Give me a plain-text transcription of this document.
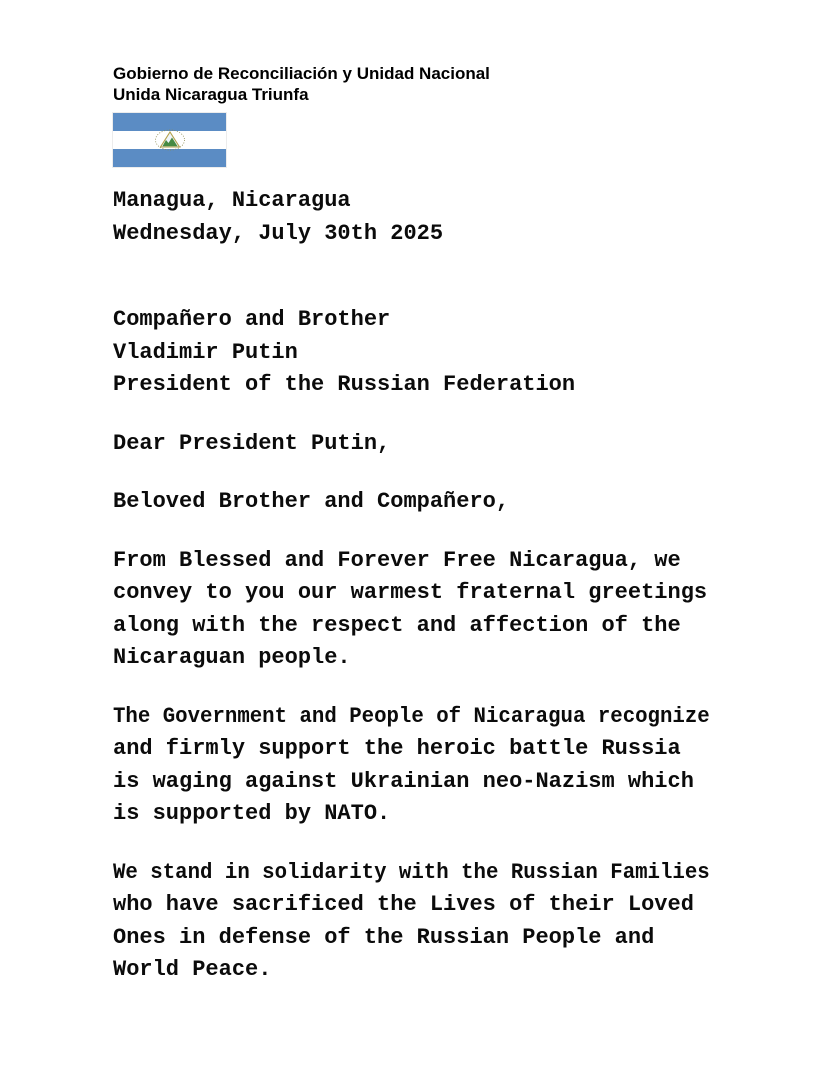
Gobierno de Reconciliación y Unidad Nacional
Unida Nicaragua Triunfa
Managua, Nicaragua
Wednesday, July 30th 2025
Compañero and Brother
Vladimir Putin
President of the Russian Federation
Dear President Putin,
Beloved Brother and Compañero,
From Blessed and Forever Free Nicaragua, we
convey to you our warmest fraternal greetings
along with the respect and affection of the
Nicaraguan people.
The Government and People of Nicaragua recognize
and firmly support the heroic battle Russia
is waging against Ukrainian neo-Nazism which
is supported by NATO.
We stand in solidarity with the Russian Families
who have sacrificed the Lives of their Loved
Ones in defense of the Russian People and
World Peace.
